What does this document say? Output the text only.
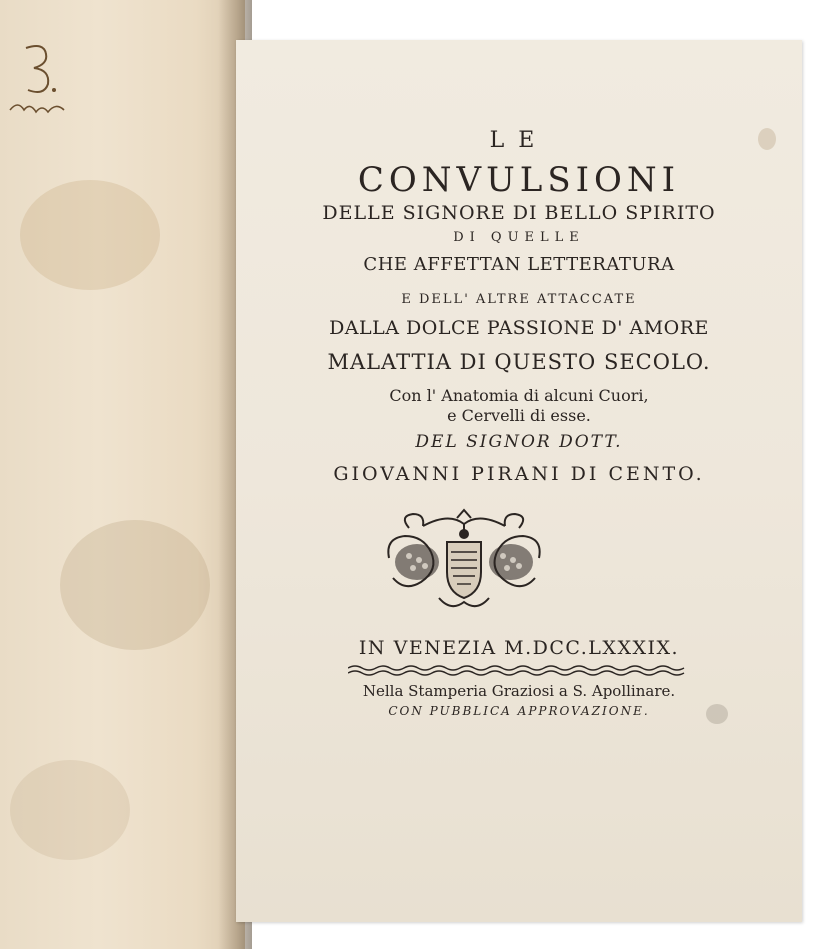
LE
CONVULSIONI
DELLE SIGNORE DI BELLO SPIRITO
DI QUELLE
CHE AFFETTAN LETTERATURA
E DELL' ALTRE ATTACCATE
DALLA DOLCE PASSIONE D' AMORE
MALATTIA DI QUESTO SECOLO.
Con l' Anatomia di alcuni Cuori,
e Cervelli di esse.
DEL SIGNOR DOTT.
GIOVANNI PIRANI DI CENTO.
IN VENEZIA M.DCC.LXXXIX.
Nella Stamperia Graziosi a S. Apollinare.
CON PUBBLICA APPROVAZIONE.
